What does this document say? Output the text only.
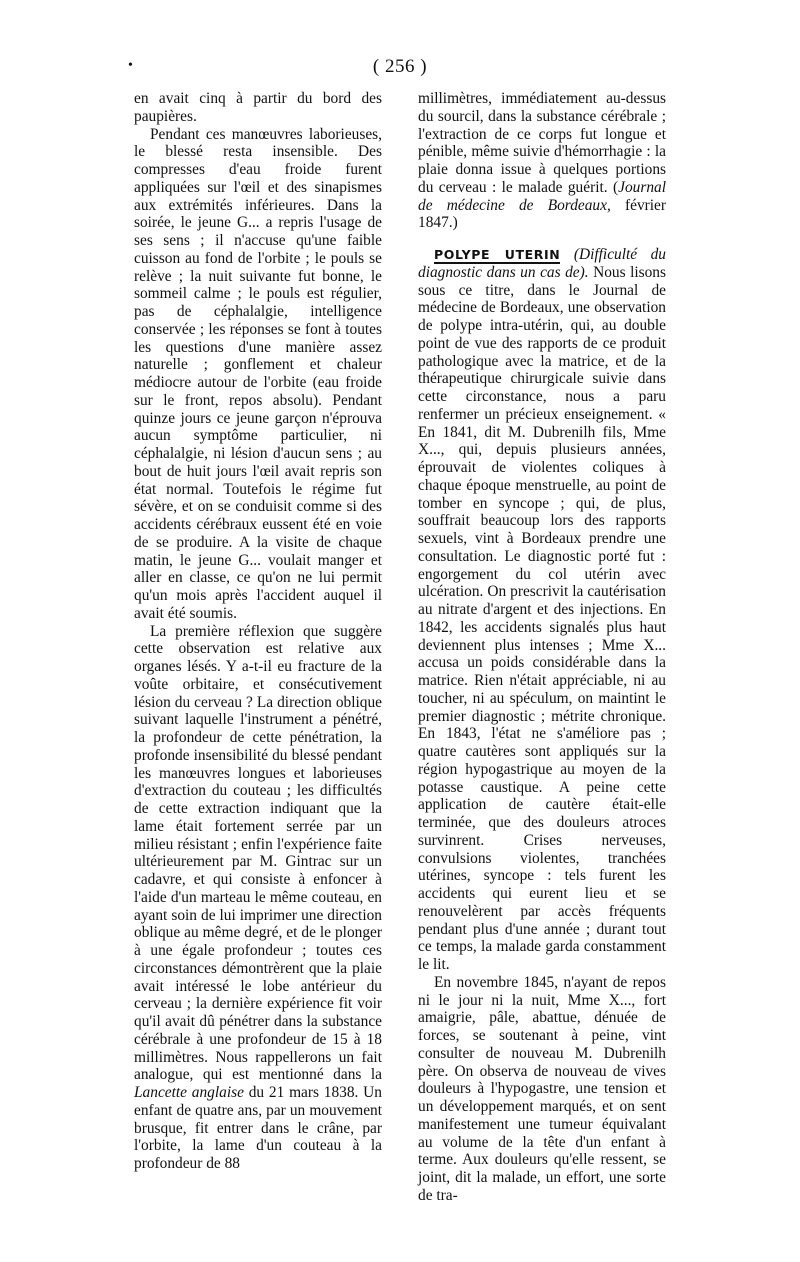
•	( 256 )

en avait cinq à partir du bord des paupières.

Pendant ces manœuvres laborieuses, le blessé resta insensible. Des compresses d'eau froide furent appliquées sur l'œil et des sinapismes aux extrémités inférieures. Dans la soirée, le jeune G... a repris l'usage de ses sens ; il n'accuse qu'une faible cuisson au fond de l'orbite ; le pouls se relève ; la nuit suivante fut bonne, le sommeil calme ; le pouls est régulier, pas de céphalalgie, intelligence conservée ; les réponses se font à toutes les questions d'une manière assez naturelle ; gonflement et chaleur médiocre autour de l'orbite (eau froide sur le front, repos absolu). Pendant quinze jours ce jeune garçon n'éprouva aucun symptôme particulier, ni céphalalgie, ni lésion d'aucun sens ; au bout de huit jours l'œil avait repris son état normal. Toutefois le régime fut sévère, et on se conduisit comme si des accidents cérébraux eussent été en voie de se produire. A la visite de chaque matin, le jeune G... voulait manger et aller en classe, ce qu'on ne lui permit qu'un mois après l'accident auquel il avait été soumis.

La première réflexion que suggère cette observation est relative aux organes lésés. Y a-t-il eu fracture de la voûte orbitaire, et consécutivement lésion du cerveau ? La direction oblique suivant laquelle l'instrument a pénétré, la profondeur de cette pénétration, la profonde insensibilité du blessé pendant les manœuvres longues et laborieuses d'extraction du couteau ; les difficultés de cette extraction indiquant que la lame était fortement serrée par un milieu résistant ; enfin l'expérience faite ultérieurement par M. Gintrac sur un cadavre, et qui consiste à enfoncer à l'aide d'un marteau le même couteau, en ayant soin de lui imprimer une direction oblique au même degré, et de le plonger à une égale profondeur ; toutes ces circonstances démontrèrent que la plaie avait intéressé le lobe antérieur du cerveau ; la dernière expérience fit voir qu'il avait dû pénétrer dans la substance cérébrale à une profondeur de 15 à 18 millimètres. Nous rappellerons un fait analogue, qui est mentionné dans la Lancette anglaise du 21 mars 1838. Un enfant de quatre ans, par un mouvement brusque, fit entrer dans le crâne, par l'orbite, la lame d'un couteau à la profondeur de 88

millimètres, immédiatement au-dessus du sourcil, dans la substance cérébrale ; l'extraction de ce corps fut longue et pénible, même suivie d'hémorrhagie : la plaie donna issue à quelques portions du cerveau : le malade guérit. (Journal de médecine de Bordeaux, février 1847.)

POLYPE UTERIN (Difficulté du diagnostic dans un cas de). Nous lisons sous ce titre, dans le Journal de médecine de Bordeaux, une observation de polype intra-utérin, qui, au double point de vue des rapports de ce produit pathologique avec la matrice, et de la thérapeutique chirurgicale suivie dans cette circonstance, nous a paru renfermer un précieux enseignement. « En 1841, dit M. Dubrenilh fils, Mme X..., qui, depuis plusieurs années, éprouvait de violentes coliques à chaque époque menstruelle, au point de tomber en syncope ; qui, de plus, souffrait beaucoup lors des rapports sexuels, vint à Bordeaux prendre une consultation. Le diagnostic porté fut : engorgement du col utérin avec ulcération. On prescrivit la cautérisation au nitrate d'argent et des injections. En 1842, les accidents signalés plus haut deviennent plus intenses ; Mme X... accusa un poids considérable dans la matrice. Rien n'était appréciable, ni au toucher, ni au spéculum, on maintint le premier diagnostic ; métrite chronique. En 1843, l'état ne s'améliore pas ; quatre cautères sont appliqués sur la région hypogastrique au moyen de la potasse caustique. A peine cette application de cautère était-elle terminée, que des douleurs atroces survinrent. Crises nerveuses, convulsions violentes, tranchées utérines, syncope : tels furent les accidents qui eurent lieu et se renouvelèrent par accès fréquents pendant plus d'une année ; durant tout ce temps, la malade garda constamment le lit.

En novembre 1845, n'ayant de repos ni le jour ni la nuit, Mme X..., fort amaigrie, pâle, abattue, dénuée de forces, se soutenant à peine, vint consulter de nouveau M. Dubrenilh père. On observa de nouveau de vives douleurs à l'hypogastre, une tension et un développement marqués, et on sent manifestement une tumeur équivalant au volume de la tête d'un enfant à terme. Aux douleurs qu'elle ressent, se joint, dit la malade, un effort, une sorte de tra-
